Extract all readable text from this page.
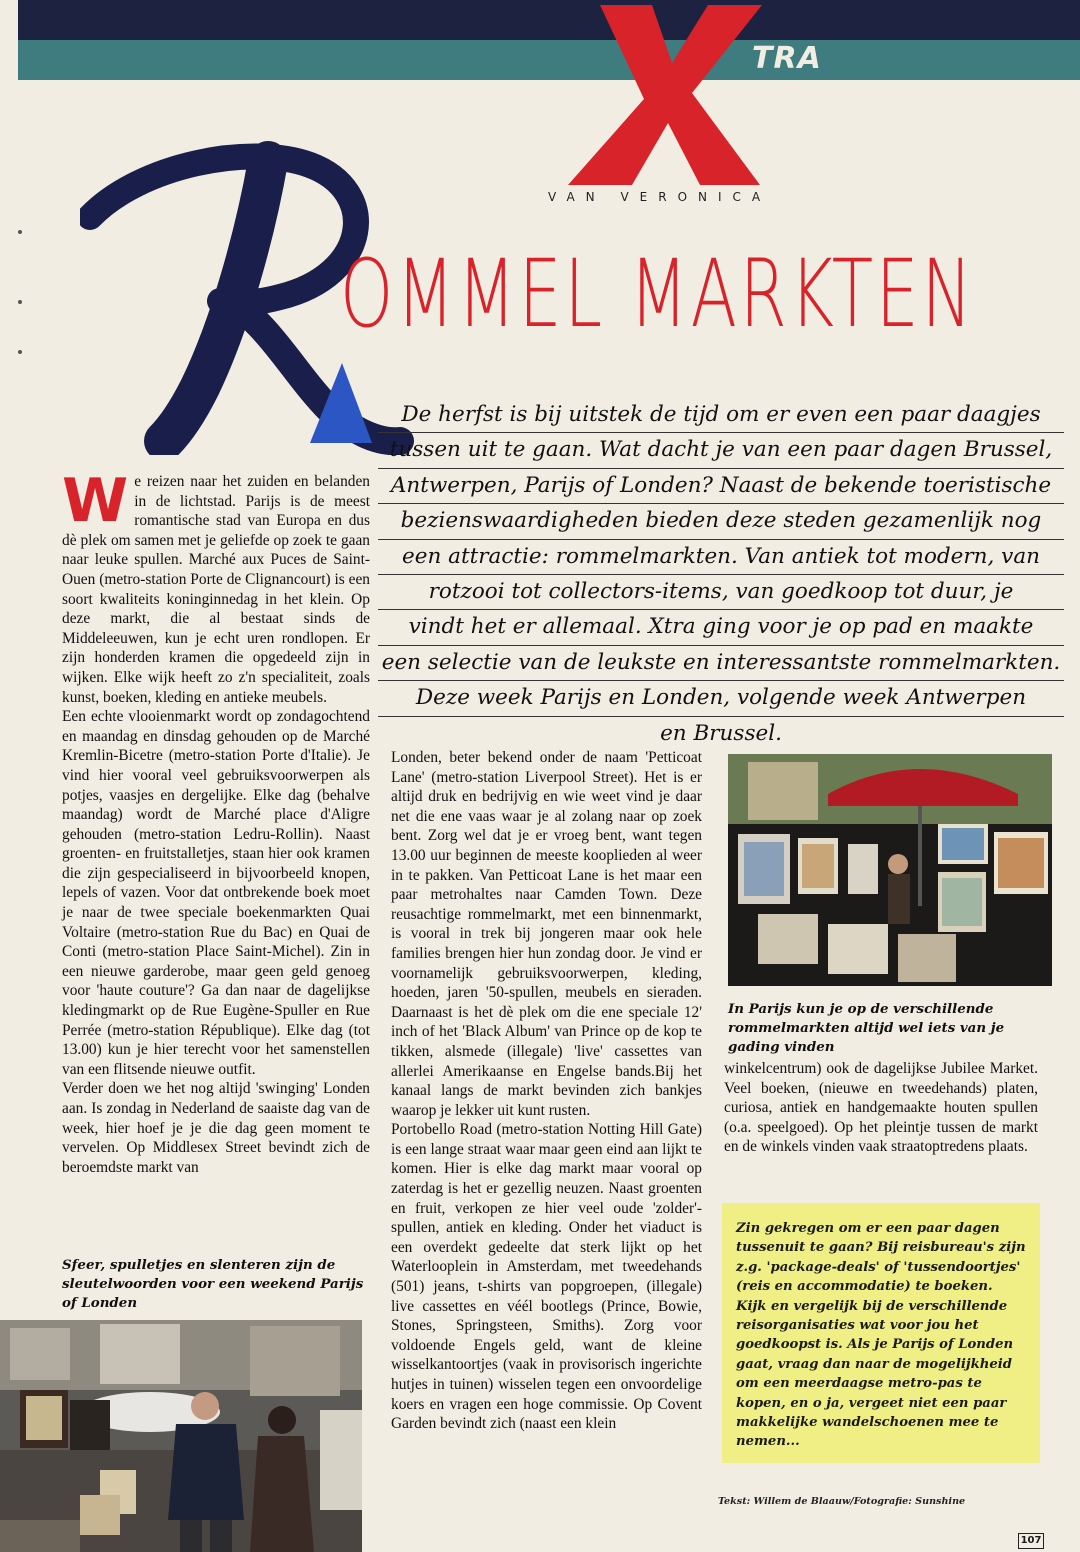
TRA
VAN VERONICA
OMMEL MARKTEN
De herfst is bij uitstek de tijd om er even een paar daagjes
tussen uit te gaan. Wat dacht je van een paar dagen Brussel,
Antwerpen, Parijs of Londen? Naast de bekende toeristische
bezienswaardigheden bieden deze steden gezamenlijk nog
een attractie: rommelmarkten. Van antiek tot modern, van
rotzooi tot collectors-items, van goedkoop tot duur, je
vindt het er allemaal. Xtra ging voor je op pad en maakte
een selectie van de leukste en interessantste rommelmarkten.
Deze week Parijs en Londen, volgende week Antwerpen
en Brussel.
W e reizen naar het zuiden en belanden in de lichtstad. Parijs is de meest romantische stad van Europa en dus dè plek om samen met je geliefde op zoek te gaan naar leuke spullen. Marché aux Puces de Saint-Ouen (metro-station Porte de Clignancourt) is een soort kwaliteits koninginnedag in het klein. Op deze markt, die al bestaat sinds de Middeleeuwen, kun je echt uren rondlopen. Er zijn honderden kramen die opgedeeld zijn in wijken. Elke wijk heeft zo z'n specialiteit, zoals kunst, boeken, kleding en antieke meubels.

Een echte vlooienmarkt wordt op zondagochtend en maandag en dinsdag gehouden op de Marché Kremlin-Bicetre (metro-station Porte d'Italie). Je vind hier vooral veel gebruiksvoorwerpen als potjes, vaasjes en dergelijke. Elke dag (behalve maandag) wordt de Marché place d'Aligre gehouden (metro-station Ledru-Rollin). Naast groenten- en fruitstalletjes, staan hier ook kramen die zijn gespecialiseerd in bijvoorbeeld knopen, lepels of vazen. Voor dat ontbrekende boek moet je naar de twee speciale boekenmarkten Quai Voltaire (metro-station Rue du Bac) en Quai de Conti (metro-station Place Saint-Michel). Zin in een nieuwe garderobe, maar geen geld genoeg voor 'haute couture'? Ga dan naar de dagelijkse kledingmarkt op de Rue Eugène-Spuller en Rue Perrée (metro-station République). Elke dag (tot 13.00) kun je hier terecht voor het samenstellen van een flitsende nieuwe outfit.

Verder doen we het nog altijd 'swinging' Londen aan. Is zondag in Nederland de saaiste dag van de week, hier hoef je je die dag geen moment te vervelen. Op Middlesex Street bevindt zich de beroemdste markt van

Sfeer, spulletjes en slenteren zijn de sleutelwoorden voor een weekend Parijs of Londen

Londen, beter bekend onder de naam 'Petticoat Lane' (metro-station Liverpool Street). Het is er altijd druk en bedrijvig en wie weet vind je daar net die ene vaas waar je al zolang naar op zoek bent. Zorg wel dat je er vroeg bent, want tegen 13.00 uur beginnen de meeste kooplieden al weer in te pakken. Van Petticoat Lane is het maar een paar metrohaltes naar Camden Town. Deze reusachtige rommelmarkt, met een binnenmarkt, is vooral in trek bij jongeren maar ook hele families brengen hier hun zondag door. Je vind er voornamelijk gebruiksvoorwerpen, kleding, hoeden, jaren '50-spullen, meubels en sieraden. Daarnaast is het dè plek om die ene speciale 12' inch of het 'Black Album' van Prince op de kop te tikken, alsmede (illegale) 'live' cassettes van allerlei Amerikaanse en Engelse bands.Bij het kanaal langs de markt bevinden zich bankjes waarop je lekker uit kunt rusten.

Portobello Road (metro-station Notting Hill Gate) is een lange straat waar maar geen eind aan lijkt te komen. Hier is elke dag markt maar vooral op zaterdag is het er gezellig neuzen. Naast groenten en fruit, verkopen ze hier veel oude 'zolder'-spullen, antiek en kleding. Onder het viaduct is een overdekt gedeelte dat sterk lijkt op het Waterlooplein in Amsterdam, met tweedehands (501) jeans, t-shirts van popgroepen, (illegale) live cassettes en véél bootlegs (Prince, Bowie, Stones, Springsteen, Smiths). Zorg voor voldoende Engels geld, want de kleine wisselkantoortjes (vaak in provisorisch ingerichte hutjes in tuinen) wisselen tegen een onvoordelige koers en vragen een hoge commissie. Op Covent Garden bevindt zich (naast een klein

In Parijs kun je op de verschillende rommelmarkten altijd wel iets van je gading vinden

winkelcentrum) ook de dagelijkse Jubilee Market. Veel boeken, (nieuwe en tweedehands) platen, curiosa, antiek en handgemaakte houten spullen (o.a. speelgoed). Op het pleintje tussen de markt en de winkels vinden vaak straatoptredens plaats.

Zin gekregen om er een paar dagen tussenuit te gaan? Bij reisbureau's zijn z.g. 'package-deals' of 'tussendoortjes' (reis en accommodatie) te boeken. Kijk en vergelijk bij de verschillende reisorganisaties wat voor jou het goedkoopst is. Als je Parijs of Londen gaat, vraag dan naar de mogelijkheid om een meerdaagse metro-pas te kopen, en o ja, vergeet niet een paar makkelijke wandelschoenen mee te nemen...
Tekst: Willem de Blaauw/Fotografie: Sunshine
107
